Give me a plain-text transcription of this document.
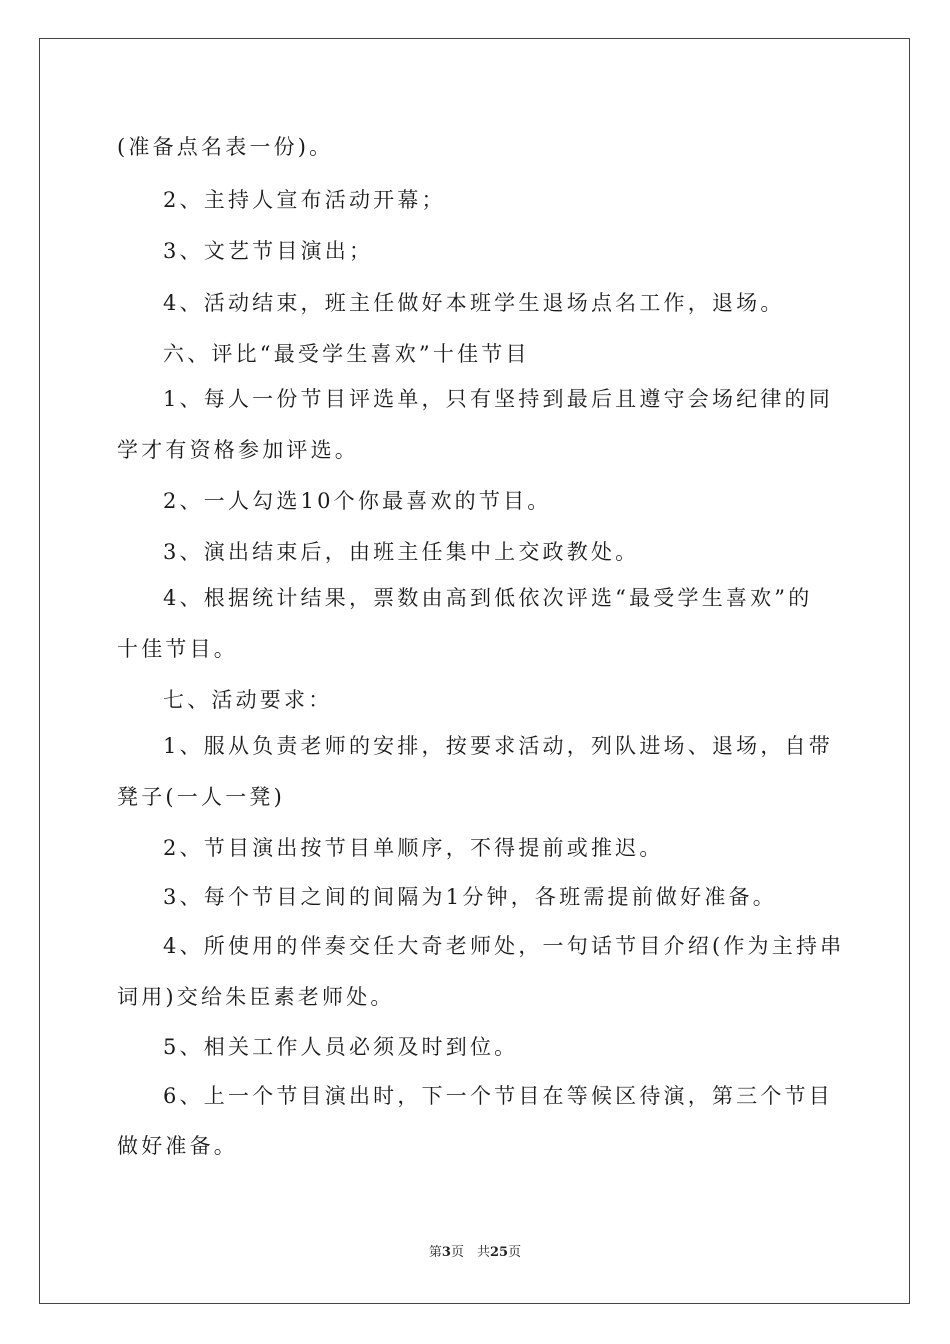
(准备点名表一份)。
2、主持人宣布活动开幕；
3、文艺节目演出；
4、活动结束，班主任做好本班学生退场点名工作，退场。
六、评比“最受学生喜欢”十佳节目
1、每人一份节目评选单，只有坚持到最后且遵守会场纪律的同
学才有资格参加评选。
2、一人勾选10个你最喜欢的节目。
3、演出结束后，由班主任集中上交政教处。
4、根据统计结果，票数由高到低依次评选“最受学生喜欢”的
十佳节目。
七、活动要求：
1、服从负责老师的安排，按要求活动，列队进场、退场，自带
凳子(一人一凳)
2、节目演出按节目单顺序，不得提前或推迟。
3、每个节目之间的间隔为1分钟，各班需提前做好准备。
4、所使用的伴奏交任大奇老师处，一句话节目介绍(作为主持串
词用)交给朱臣素老师处。
5、相关工作人员必须及时到位。
6、上一个节目演出时，下一个节目在等候区待演，第三个节目
做好准备。
第3页　共25页
